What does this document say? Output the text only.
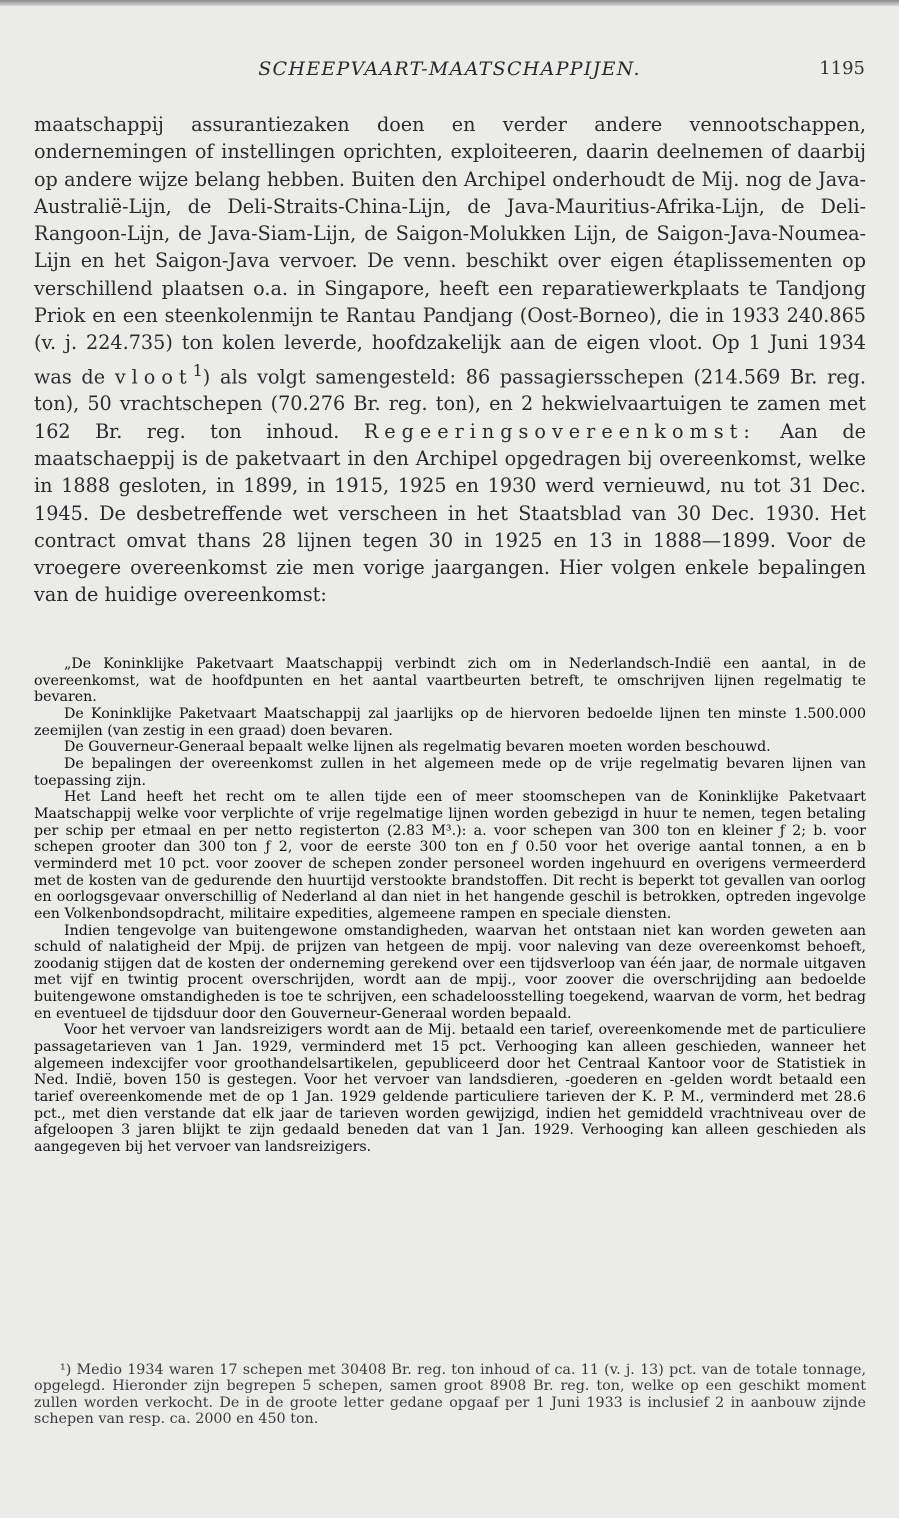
SCHEEPVAART-MAATSCHAPPIJEN.	1195

maatschappij assurantiezaken doen en verder andere vennootschappen, ondernemingen of instellingen oprichten, exploiteeren, daarin deelnemen of daarbij op andere wijze belang hebben. Buiten den Archipel onderhoudt de Mij. nog de Java-Australië-Lijn, de Deli-Straits-China-Lijn, de Java-Mauritius-Afrika-Lijn, de Deli-Rangoon-Lijn, de Java-Siam-Lijn, de Saigon-Molukken Lijn, de Saigon-Java-Noumea-Lijn en het Saigon-Java vervoer. De venn. beschikt over eigen étaplissementen op verschillend plaatsen o.a. in Singapore, heeft een reparatiewerkplaats te Tandjong Priok en een steenkolenmijn te Rantau Pandjang (Oost-Borneo), die in 1933 240.865 (v. j. 224.735) ton kolen leverde, hoofdzakelijk aan de eigen vloot. Op 1 Juni 1934 was de vloot$^1$) als volgt samengesteld: 86 passagiersschepen (214.569 Br. reg. ton), 50 vrachtschepen (70.276 Br. reg. ton), en 2 hekwielvaartuigen te zamen met 162 Br. reg. ton inhoud. Regeeringsovereenkomst: Aan de maatschaeppij is de paketvaart in den Archipel opgedragen bij overeenkomst, welke in 1888 gesloten, in 1899, in 1915, 1925 en 1930 werd vernieuwd, nu tot 31 Dec. 1945. De desbetreffende wet verscheen in het Staatsblad van 30 Dec. 1930. Het contract omvat thans 28 lijnen tegen 30 in 1925 en 13 in 1888—1899. Voor de vroegere overeenkomst zie men vorige jaargangen. Hier volgen enkele bepalingen van de huidige overeenkomst:

„De Koninklijke Paketvaart Maatschappij verbindt zich om in Nederlandsch-Indië een aantal, in de overeenkomst, wat de hoofdpunten en het aantal vaartbeurten betreft, te omschrijven lijnen regelmatig te bevaren.

De Koninklijke Paketvaart Maatschappij zal jaarlijks op de hiervoren bedoelde lijnen ten minste 1.500.000 zeemijlen (van zestig in een graad) doen bevaren.

De Gouverneur-Generaal bepaalt welke lijnen als regelmatig bevaren moeten worden beschouwd.

De bepalingen der overeenkomst zullen in het algemeen mede op de vrije regelmatig bevaren lijnen van toepassing zijn.

Het Land heeft het recht om te allen tijde een of meer stoomschepen van de Koninklijke Paketvaart Maatschappij welke voor verplichte of vrije regelmatige lijnen worden gebezigd in huur te nemen, tegen betaling per schip per etmaal en per netto registerton (2.83 M³.): a. voor schepen van 300 ton en kleiner ƒ 2; b. voor schepen grooter dan 300 ton ƒ 2, voor de eerste 300 ton en ƒ 0.50 voor het overige aantal tonnen, a en b verminderd met 10 pct. voor zoover de schepen zonder personeel worden ingehuurd en overigens vermeerderd met de kosten van de gedurende den huurtijd verstookte brandstoffen. Dit recht is beperkt tot gevallen van oorlog en oorlogsgevaar onverschillig of Nederland al dan niet in het hangende geschil is betrokken, optreden ingevolge een Volkenbondsopdracht, militaire expedities, algemeene rampen en speciale diensten.

Indien tengevolge van buitengewone omstandigheden, waarvan het ontstaan niet kan worden geweten aan schuld of nalatigheid der Mpij. de prijzen van hetgeen de mpij. voor naleving van deze overeenkomst behoeft, zoodanig stijgen dat de kosten der onderneming gerekend over een tijdsverloop van één jaar, de normale uitgaven met vijf en twintig procent overschrijden, wordt aan de mpij., voor zoover die overschrijding aan bedoelde buitengewone omstandigheden is toe te schrijven, een schadeloosstelling toegekend, waarvan de vorm, het bedrag en eventueel de tijdsduur door den Gouverneur-Generaal worden bepaald.

Voor het vervoer van landsreizigers wordt aan de Mij. betaald een tarief, overeenkomende met de particuliere passagetarieven van 1 Jan. 1929, verminderd met 15 pct. Verhooging kan alleen geschieden, wanneer het algemeen indexcijfer voor groothandelsartikelen, gepubliceerd door het Centraal Kantoor voor de Statistiek in Ned. Indië, boven 150 is gestegen. Voor het vervoer van landsdieren, -goederen en -gelden wordt betaald een tarief overeenkomende met de op 1 Jan. 1929 geldende particuliere tarieven der K. P. M., verminderd met 28.6 pct., met dien verstande dat elk jaar de tarieven worden gewijzigd, indien het gemiddeld vrachtniveau over de afgeloopen 3 jaren blijkt te zijn gedaald beneden dat van 1 Jan. 1929. Verhooging kan alleen geschieden als aangegeven bij het vervoer van landsreizigers.

¹) Medio 1934 waren 17 schepen met 30408 Br. reg. ton inhoud of ca. 11 (v. j. 13) pct. van de totale tonnage, opgelegd. Hieronder zijn begrepen 5 schepen, samen groot 8908 Br. reg. ton, welke op een geschikt moment zullen worden verkocht. De in de groote letter gedane opgaaf per 1 Juni 1933 is inclusief 2 in aanbouw zijnde schepen van resp. ca. 2000 en 450 ton.
